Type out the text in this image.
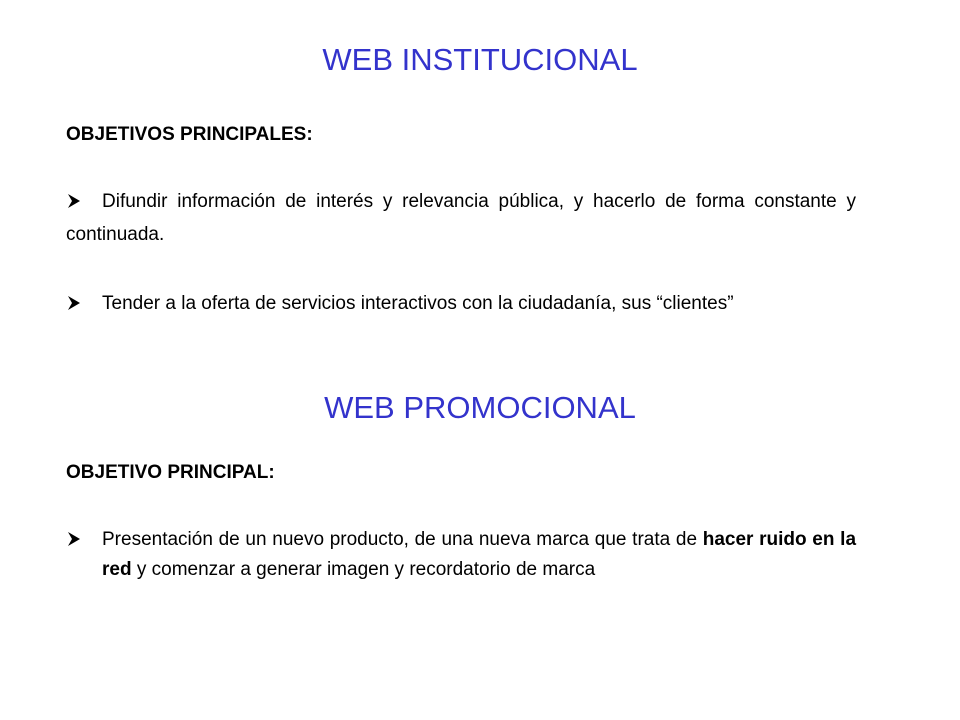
WEB INSTITUCIONAL
OBJETIVOS PRINCIPALES:
Difundir información de interés y relevancia pública, y hacerlo de forma constante y continuada.
Tender a la oferta de servicios interactivos con la ciudadanía, sus “clientes”
WEB PROMOCIONAL
OBJETIVO PRINCIPAL:
Presentación de un nuevo producto, de una nueva marca que trata de hacer ruido en la red y comenzar a generar imagen y recordatorio de marca
